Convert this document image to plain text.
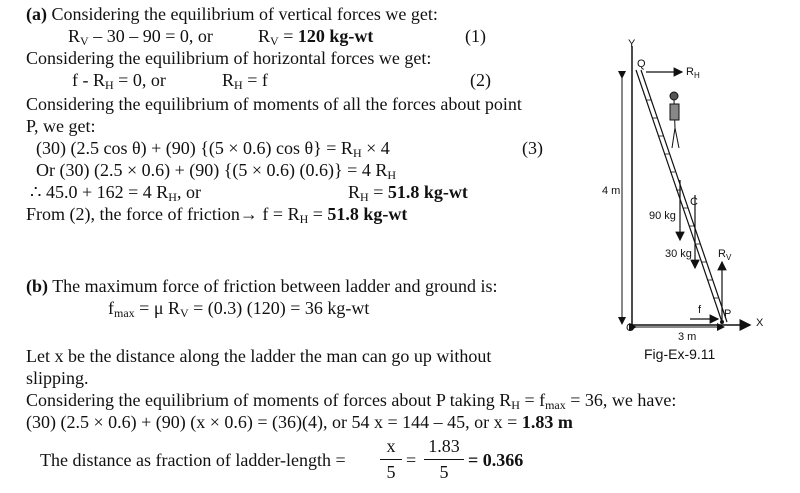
(a) Considering the equilibrium of vertical forces we get:
$R_V - 30 - 90 = 0$, or	$R_V = 120$ kg-wt	(1)
Considering the equilibrium of horizontal forces we get:
$f - R_H = 0$, or	$R_H = f$	(2)
Considering the equilibrium of moments of all the forces about point
P, we get:
(30) (2.5 cos θ) + (90) {(5 × 0.6) $\cos \theta\} = R_H \times 4$	(3)
Or (30) (2.5 × 0.6) + (90) {(5 × 0.6) (0.6)} = 4 $R_H$
∴ 45.0 + 162 = 4 $R_H$, or	$R_H = 51.8$ kg-wt
From (2), the force of friction→ $f = R_H = 51.8$ kg-wt
(b) The maximum force of friction between ladder and ground is:
$f_{max} = \mu$ $R_V = (0.3) (120) = 36$ kg-wt
Let x be the distance along the ladder the man can go up without
slipping.
Considering the equilibrium of moments of forces about P taking $R_H = f_{max} = 36$, we have:
(30) (2.5 × 0.6) + (90) (x × 0.6) = (36)(4), or 54 x = 144 – 45, or x = 1.83 m
The distance as fraction of ladder-length =
x
5
=
1.83
5
= 0.366
Y
Q
$R_H$
4 m
C
90 kg
30 kg $R_V$
f P
X
O
3 m
Fig-Ex-9.11
